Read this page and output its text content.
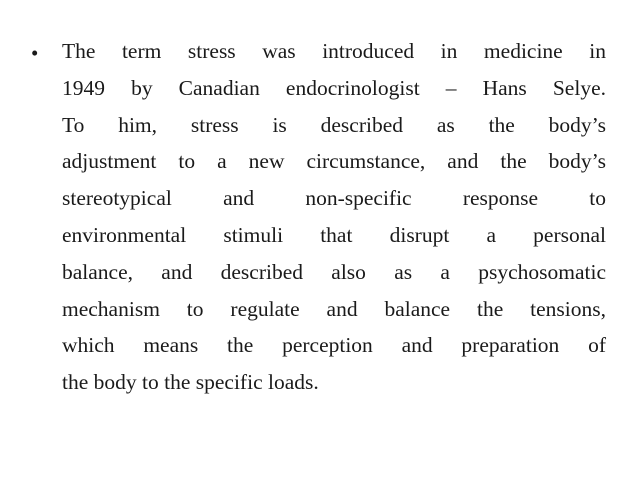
• The term stress was introduced in medicine in
1949 by Canadian endocrinologist – Hans Selye.
To him, stress is described as the body’s
adjustment to a new circumstance, and the body’s
stereotypical and non-specific response to
environmental stimuli that disrupt a personal
balance, and described also as a psychosomatic
mechanism to regulate and balance the tensions,
which means the perception and preparation of
the body to the specific loads.
